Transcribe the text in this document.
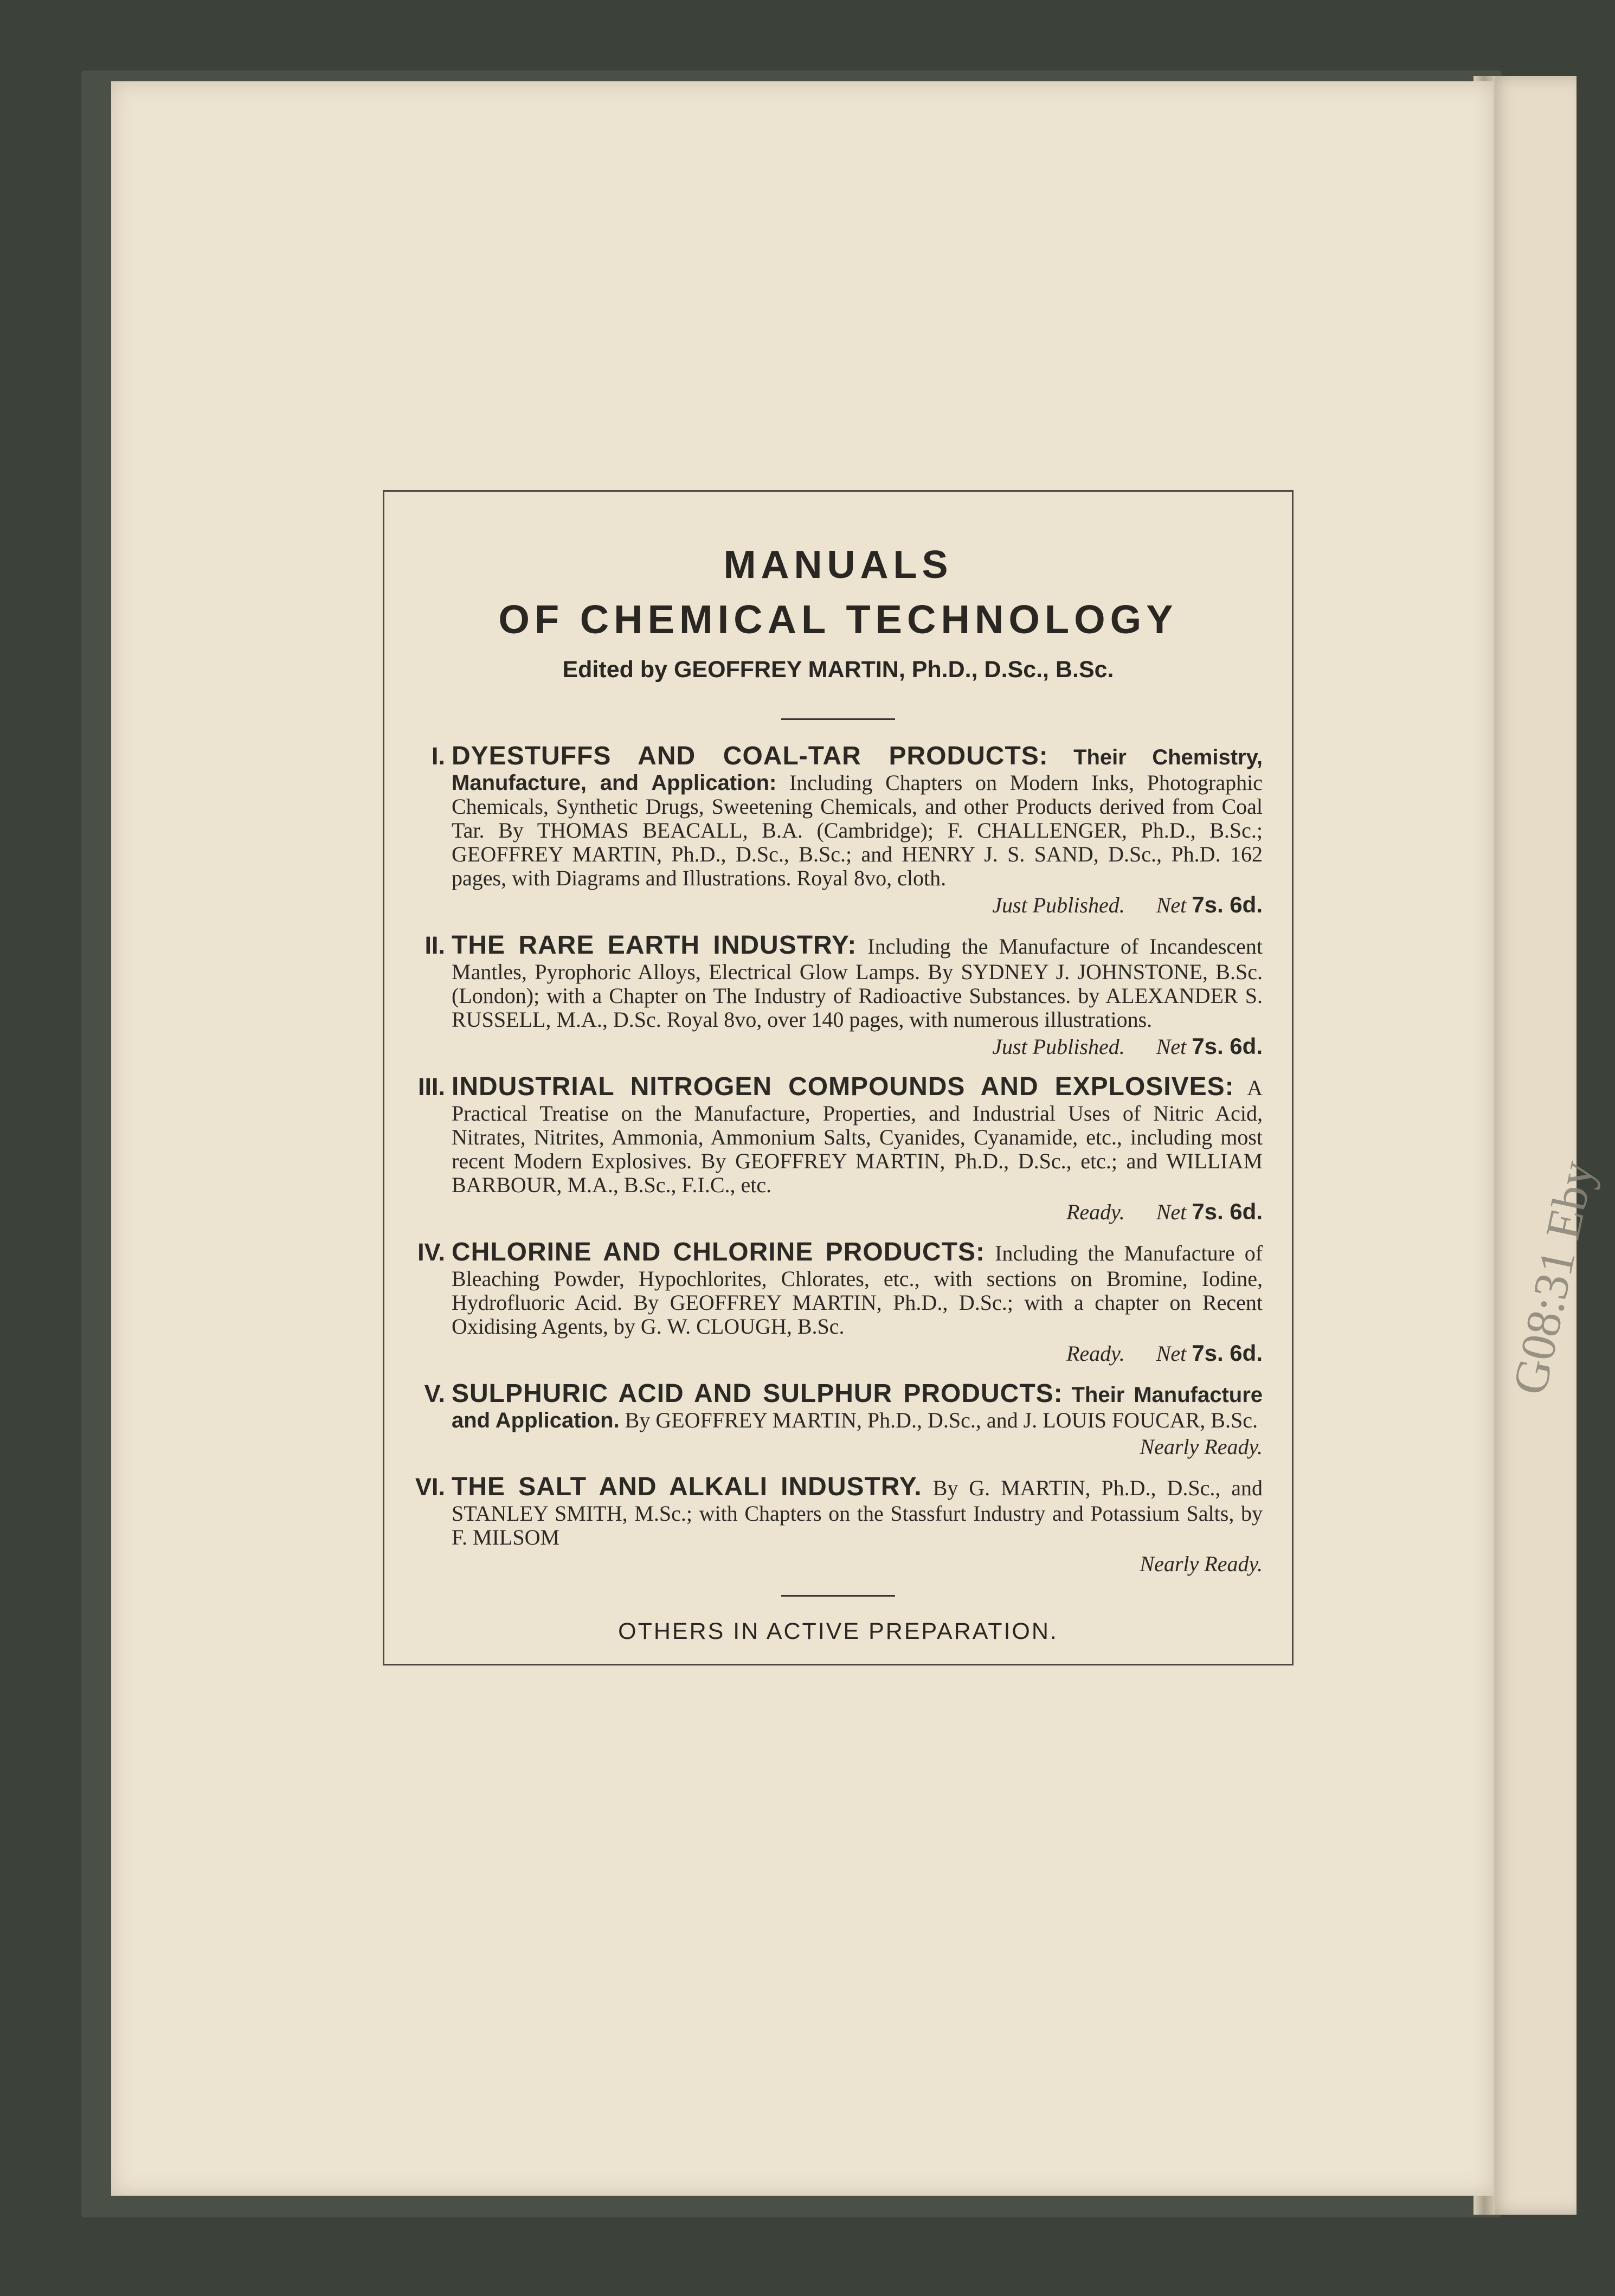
MANUALS
OF CHEMICAL TECHNOLOGY
Edited by GEOFFREY MARTIN, Ph.D., D.Sc., B.Sc.
I. DYESTUFFS AND COAL-TAR PRODUCTS: Their Chemistry, Manufacture, and Application: Including Chapters on Modern Inks, Photographic Chemicals, Synthetic Drugs, Sweetening Chemicals, and other Products derived from Coal Tar. By THOMAS BEACALL, B.A. (Cambridge); F. CHALLENGER, Ph.D., B.Sc.; GEOFFREY MARTIN, Ph.D., D.Sc., B.Sc.; and HENRY J. S. SAND, D.Sc., Ph.D. 162 pages, with Diagrams and Illustrations. Royal 8vo, cloth.
Just Published. Net 7s. 6d.
II. THE RARE EARTH INDUSTRY: Including the Manufacture of Incandescent Mantles, Pyrophoric Alloys, Electrical Glow Lamps. By SYDNEY J. JOHNSTONE, B.Sc. (London); with a Chapter on The Industry of Radioactive Substances. by ALEXANDER S. RUSSELL, M.A., D.Sc. Royal 8vo, over 140 pages, with numerous illustrations.
Just Published. Net 7s. 6d.
III. INDUSTRIAL NITROGEN COMPOUNDS AND EXPLOSIVES: A Practical Treatise on the Manufacture, Properties, and Industrial Uses of Nitric Acid, Nitrates, Nitrites, Ammonia, Ammonium Salts, Cyanides, Cyanamide, etc., including most recent Modern Explosives. By GEOFFREY MARTIN, Ph.D., D.Sc., etc.; and WILLIAM BARBOUR, M.A., B.Sc., F.I.C., etc.
Ready. Net 7s. 6d.
IV. CHLORINE AND CHLORINE PRODUCTS: Including the Manufacture of Bleaching Powder, Hypochlorites, Chlorates, etc., with sections on Bromine, Iodine, Hydrofluoric Acid. By GEOFFREY MARTIN, Ph.D., D.Sc.; with a chapter on Recent Oxidising Agents, by G. W. CLOUGH, B.Sc.
Ready. Net 7s. 6d.
V. SULPHURIC ACID AND SULPHUR PRODUCTS: Their Manufacture and Application. By GEOFFREY MARTIN, Ph.D., D.Sc., and J. LOUIS FOUCAR, B.Sc.
Nearly Ready.
VI. THE SALT AND ALKALI INDUSTRY. By G. MARTIN, Ph.D., D.Sc., and STANLEY SMITH, M.Sc.; with Chapters on the Stassfurt Industry and Potassium Salts, by F. MILSOM
Nearly Ready.
OTHERS IN ACTIVE PREPARATION.
G08:31 Eby
